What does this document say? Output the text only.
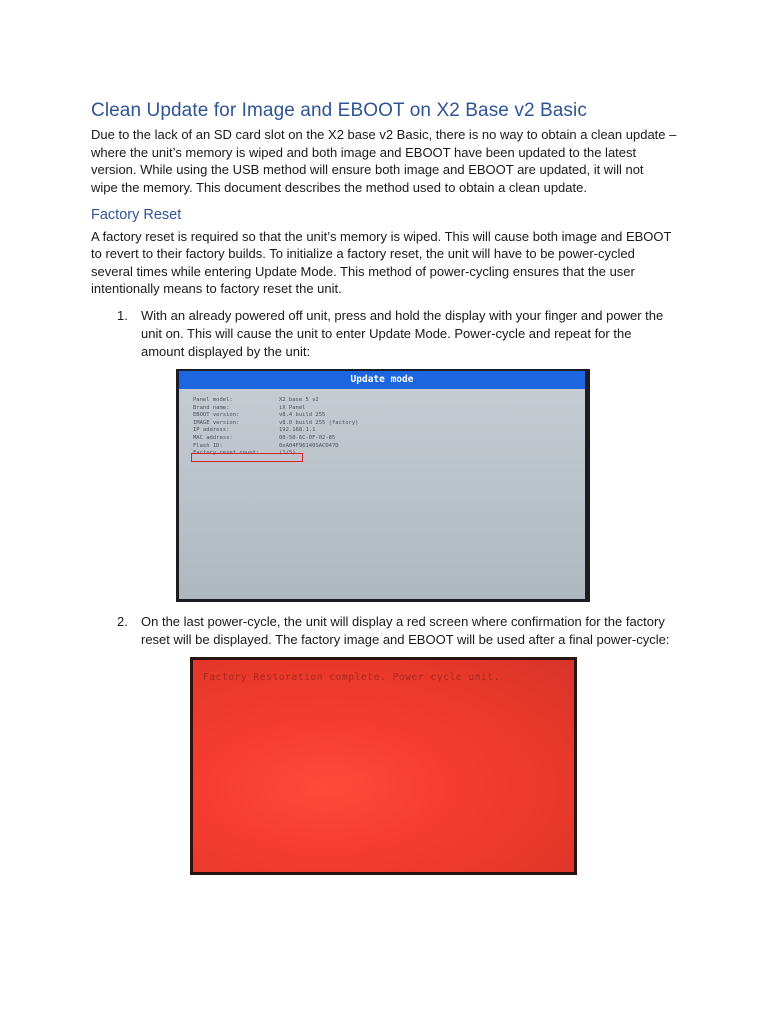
Clean Update for Image and EBOOT on X2 Base v2 Basic

Due to the lack of an SD card slot on the X2 base v2 Basic, there is no way to obtain a clean update –

where the unit’s memory is wiped and both image and EBOOT have been updated to the latest

version. While using the USB method will ensure both image and EBOOT are updated, it will not

wipe the memory. This document describes the method used to obtain a clean update.

Factory Reset

A factory reset is required so that the unit’s memory is wiped. This will cause both image and EBOOT

to revert to their factory builds. To initialize a factory reset, the unit will have to be power-cycled

several times while entering Update Mode. This method of power-cycling ensures that the user

intentionally means to factory reset the unit.

1. With an already powered off unit, press and hold the display with your finger and power the
unit on. This will cause the unit to enter Update Mode. Power-cycle and repeat for the
amount displayed by the unit:
Update mode
Panel model:	X2 base 5 v2
Brand name:	iX Panel
EBOOT version:	v8.4 build 255
IMAGE version:	v8.0 build 255 (factory)
IP address:	192.168.1.1
MAC address:	00-50-6C-0F-02-85
Flash ID:	0xA04F96140SACD47D
Factory reset count:	(1/5)
2. On the last power-cycle, the unit will display a red screen where confirmation for the factory
reset will be displayed. The factory image and EBOOT will be used after a final power-cycle:
Factory Restoration complete. Power cycle unit.
